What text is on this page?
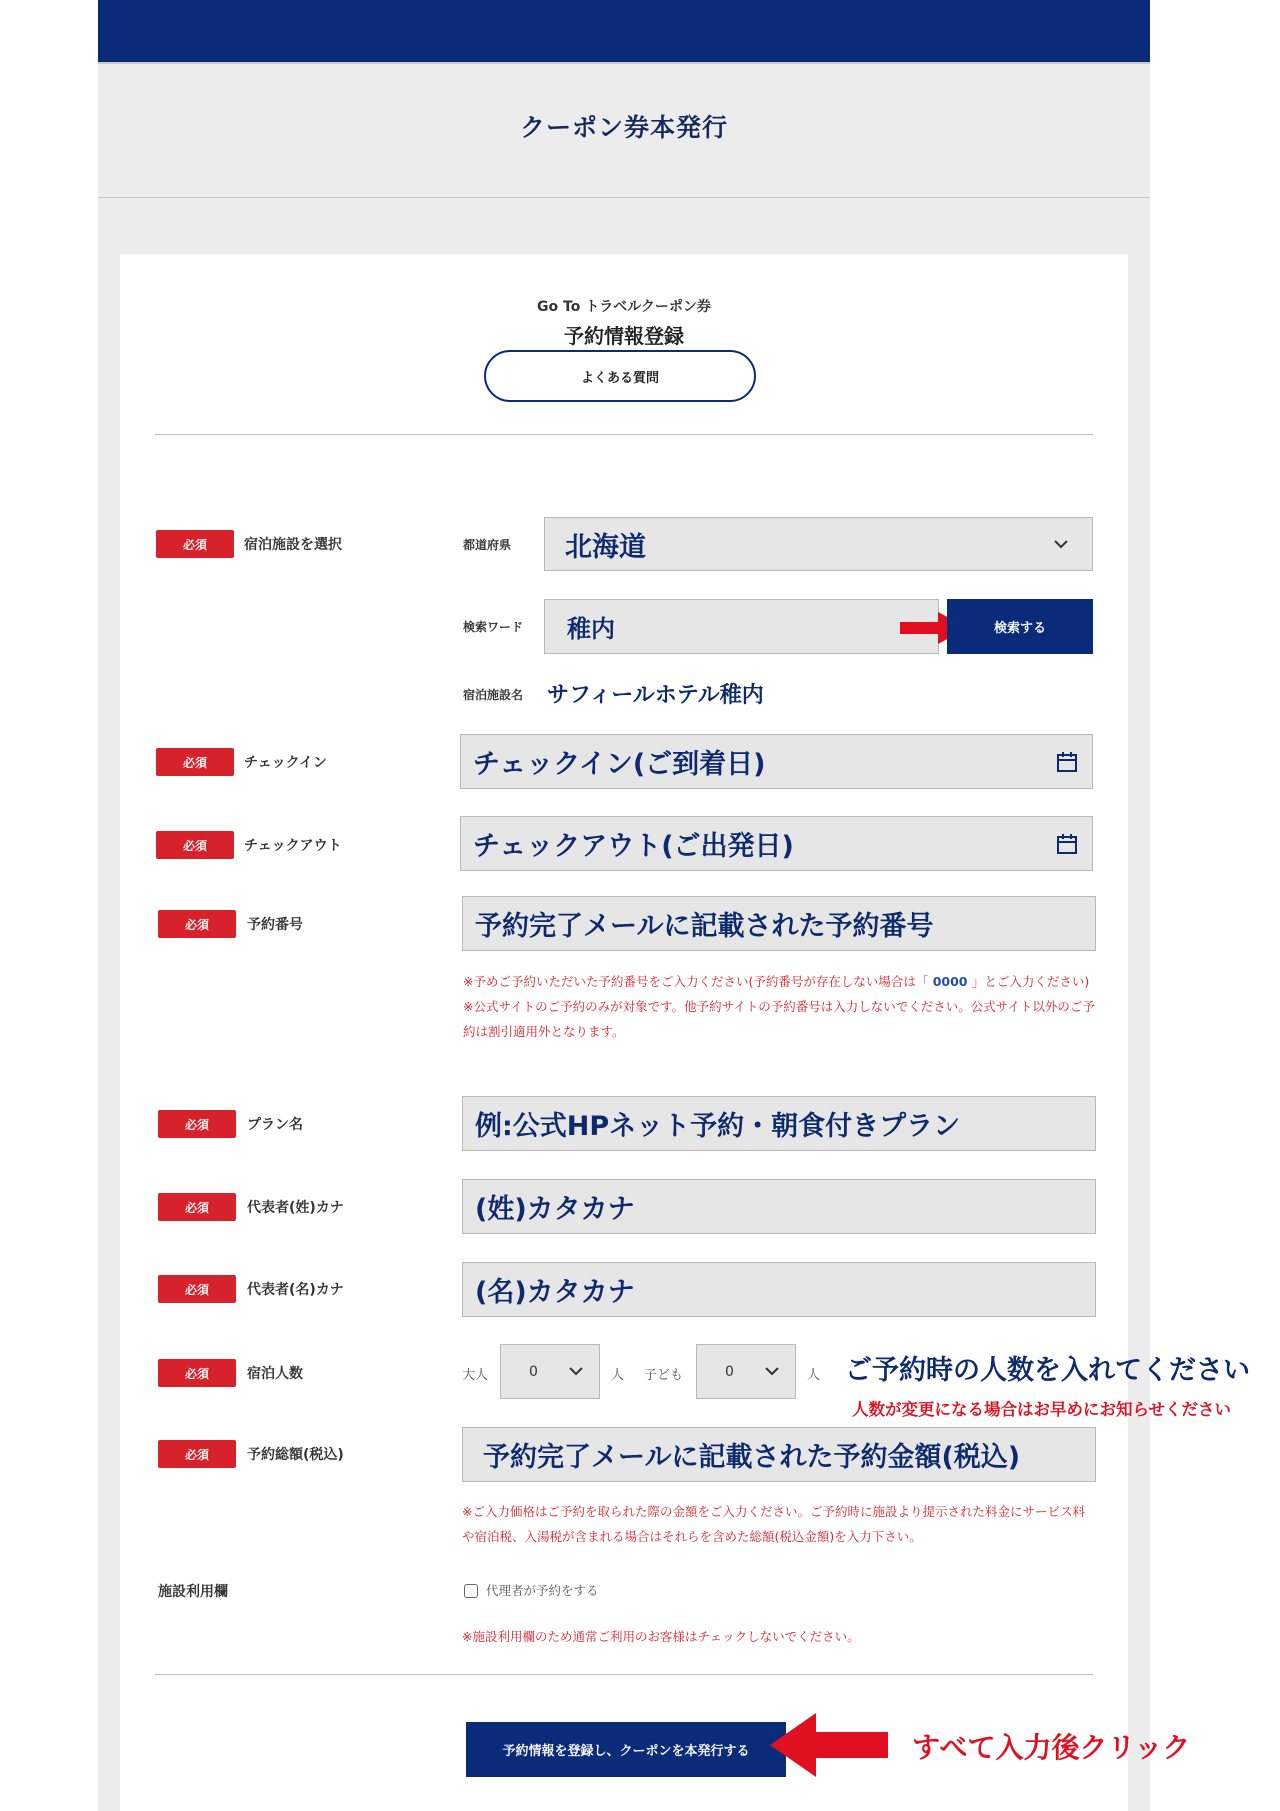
クーポン券本発行
Go To トラベルクーポン券
予約情報登録
よくある質問
必須	宿泊施設を選択	都道府県	北海道
検索ワード	稚内	検索する
宿泊施設名 サフィールホテル稚内
必須	チェックイン	チェックイン(ご到着日)
必須	チェックアウト	チェックアウト(ご出発日)
必須	予約番号	予約完了メールに記載された予約番号
※予めご予約いただいた予約番号をご入力ください(予約番号が存在しない場合は「 0000 」とご入力ください)
※公式サイトのご予約のみが対象です。他予約サイトの予約番号は入力しないでください。公式サイト以外のご予約は割引適用外となります。
必須	プラン名	例:公式HPネット予約・朝食付きプラン
必須	代表者(姓)カナ	(姓)カタカナ
必須	代表者(名)カナ	(名)カタカナ
必須	宿泊人数	大人	0	人 子ども	0	人 ご予約時の人数を入れてください
人数が変更になる場合はお早めにお知らせください
必須	予約総額(税込)	予約完了メールに記載された予約金額(税込)
※ご入力価格はご予約を取られた際の金額をご入力ください。ご予約時に施設より提示された料金にサービス料や宿泊税、入湯税が含まれる場合はそれらを含めた総額(税込金額)を入力下さい。
施設利用欄	代理者が予約をする
※施設利用欄のため通常ご利用のお客様はチェックしないでください。
予約情報を登録し、クーポンを本発行する	すべて入力後クリック
